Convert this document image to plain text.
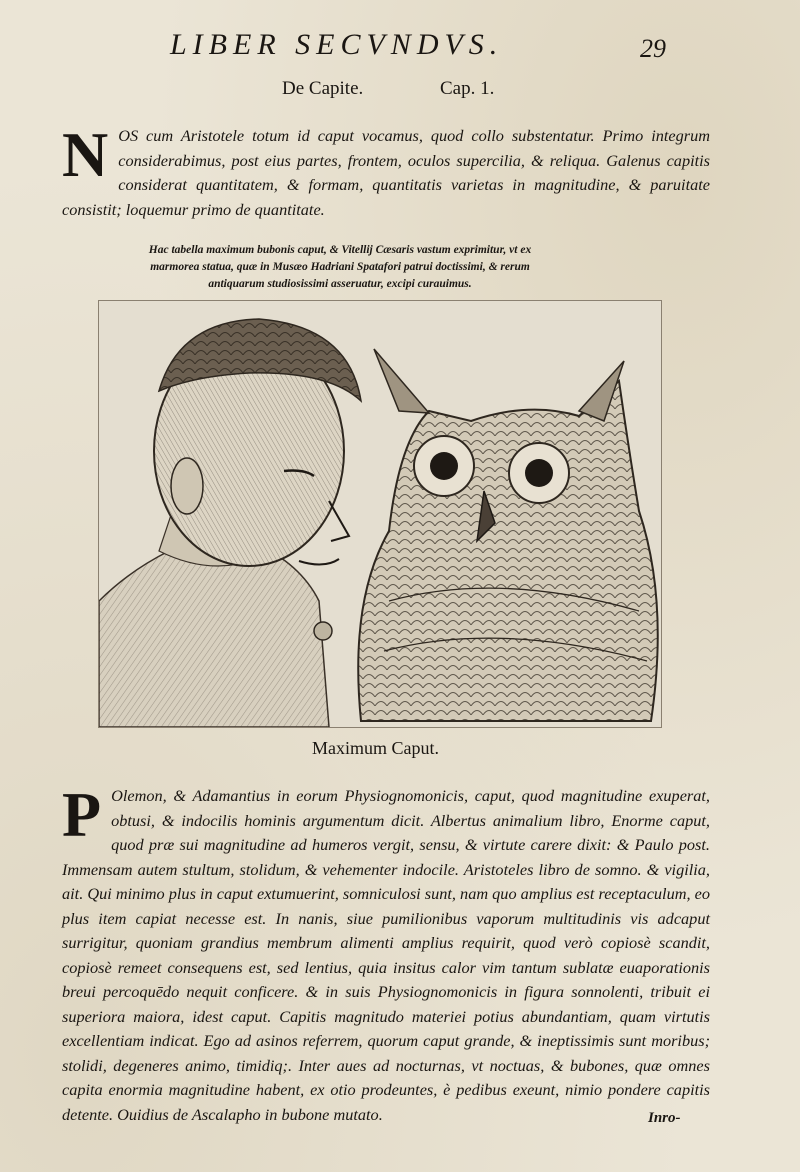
LIBER SECVNDVS.	29
De Capite.	Cap. 1.
NOS cum Aristotele totum id caput vocamus, quod collo substentatur. Primo integrum considerabimus, post eius partes, frontem, oculos supercilia, & reliqua. Galenus capitis considerat quantitatem, & formam, quantitatis varietas in magnitudine, & paruitate consistit; loquemur primo de quantitate.
Hac tabella maximum bubonis caput, & Vitellij Cæsaris vastum exprimitur, vt ex marmorea statua, quæ in Musæo Hadriani Spatafori patrui doctissimi, & rerum antiquarum studiosissimi asseruatur, excipi curauimus.
Maximum Caput.
P Olemon, & Adamantius in eorum Physiognomonicis, caput, quod magnitudine exuperat, obtusi, & indocilis hominis argumentum dicit. Albertus animalium libro, Enorme caput, quod præ sui magnitudine ad humeros vergit, sensu, & virtute carere dixit: & Paulo post. Immensam autem stultum, stolidum, & vehementer indocile. Aristoteles libro de somno. & vigilia, ait. Qui minimo plus in caput extumuerint, somniculosi sunt, nam quo amplius est receptaculum, eo plus item capiat necesse est. In nanis, siue pumilionibus vaporum multitudinis vis adcaput surrigitur, quoniam grandius membrum alimenti amplius requirit, quod verò copiosè scandit, copiosè remeet consequens est, sed lentius, quia insitus calor vim tantum sublatæ euaporationis breui percoquēdo nequit conficere. & in suis Physiognomonicis in figura sonnolenti, tribuit ei superiora maiora, idest caput. Capitis magnitudo materiei potius abundantiam, quam virtutis excellentiam indicat. Ego ad asinos referrem, quorum caput grande, & ineptissimis sunt moribus; stolidi, degeneres animo, timidiq;. Inter aues ad nocturnas, vt noctuas, & bubones, quæ omnes capita enormia magnitudine habent, ex otio prodeuntes, è pedibus exeunt, nimio pondere capitis detente. Ouidius de Ascalapho in bubone mutato.	Inro-
